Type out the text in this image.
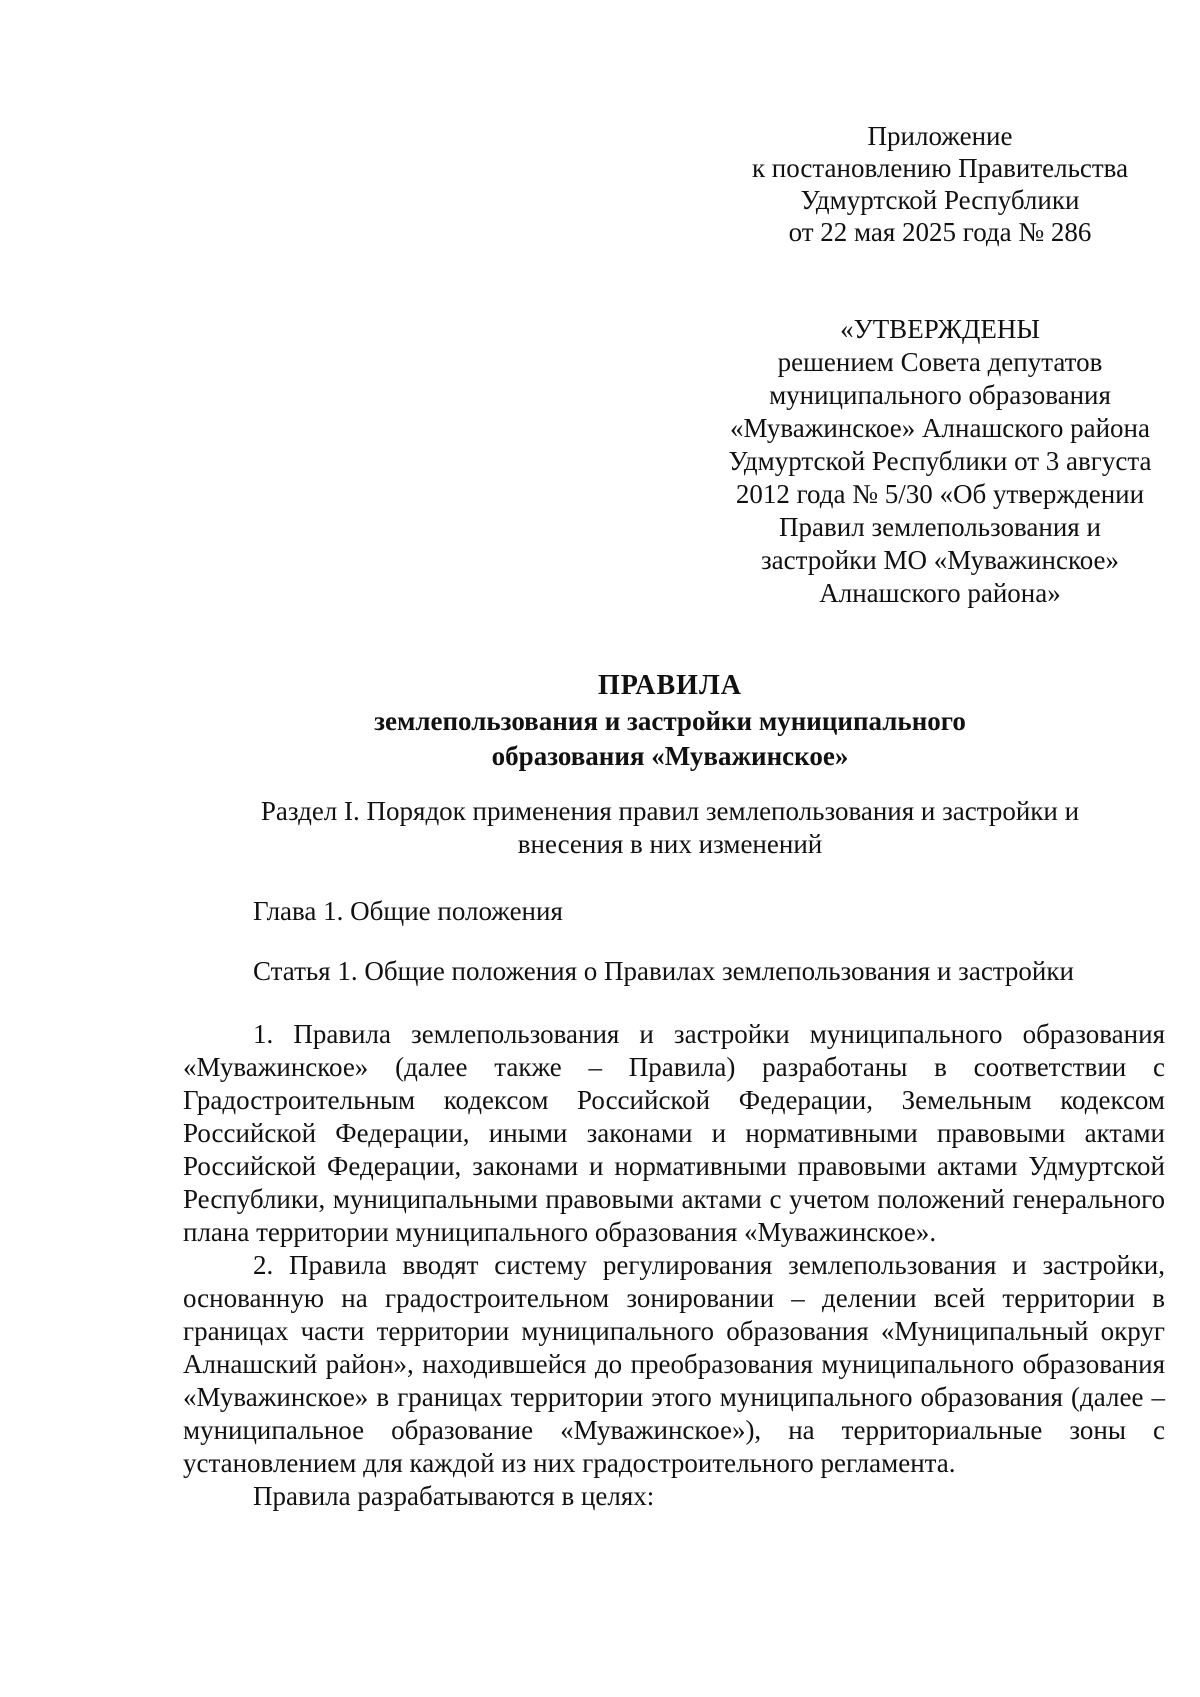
Приложение
к постановлению Правительства
Удмуртской Республики
от 22 мая 2025 года № 286
«УТВЕРЖДЕНЫ
решением Совета депутатов
муниципального образования
«Муважинское» Алнашского района
Удмуртской Республики от 3 августа
2012 года № 5/30 «Об утверждении
Правил землепользования и
застройки МО «Муважинское»
Алнашского района»
ПРАВИЛА
землепользования и застройки муниципального
образования «Муважинское»
Раздел I. Порядок применения правил землепользования и застройки и
внесения в них изменений
Глава 1. Общие положения
Статья 1. Общие положения о Правилах землепользования и застройки

1. Правила землепользования и застройки муниципального образования «Муважинское» (далее также – Правила) разработаны в соответствии с Градостроительным кодексом Российской Федерации, Земельным кодексом Российской Федерации, иными законами и нормативными правовыми актами Российской Федерации, законами и нормативными правовыми актами Удмуртской Республики, муниципальными правовыми актами с учетом положений генерального плана территории муниципального образования «Муважинское».

2. Правила вводят систему регулирования землепользования и застройки, основанную на градостроительном зонировании – делении всей территории в границах части территории муниципального образования «Муниципальный округ Алнашский район», находившейся до преобразования муниципального образования «Муважинское» в границах территории этого муниципального образования (далее – муниципальное образование «Муважинское»), на территориальные зоны с установлением для каждой из них градостроительного регламента.

Правила разрабатываются в целях:
